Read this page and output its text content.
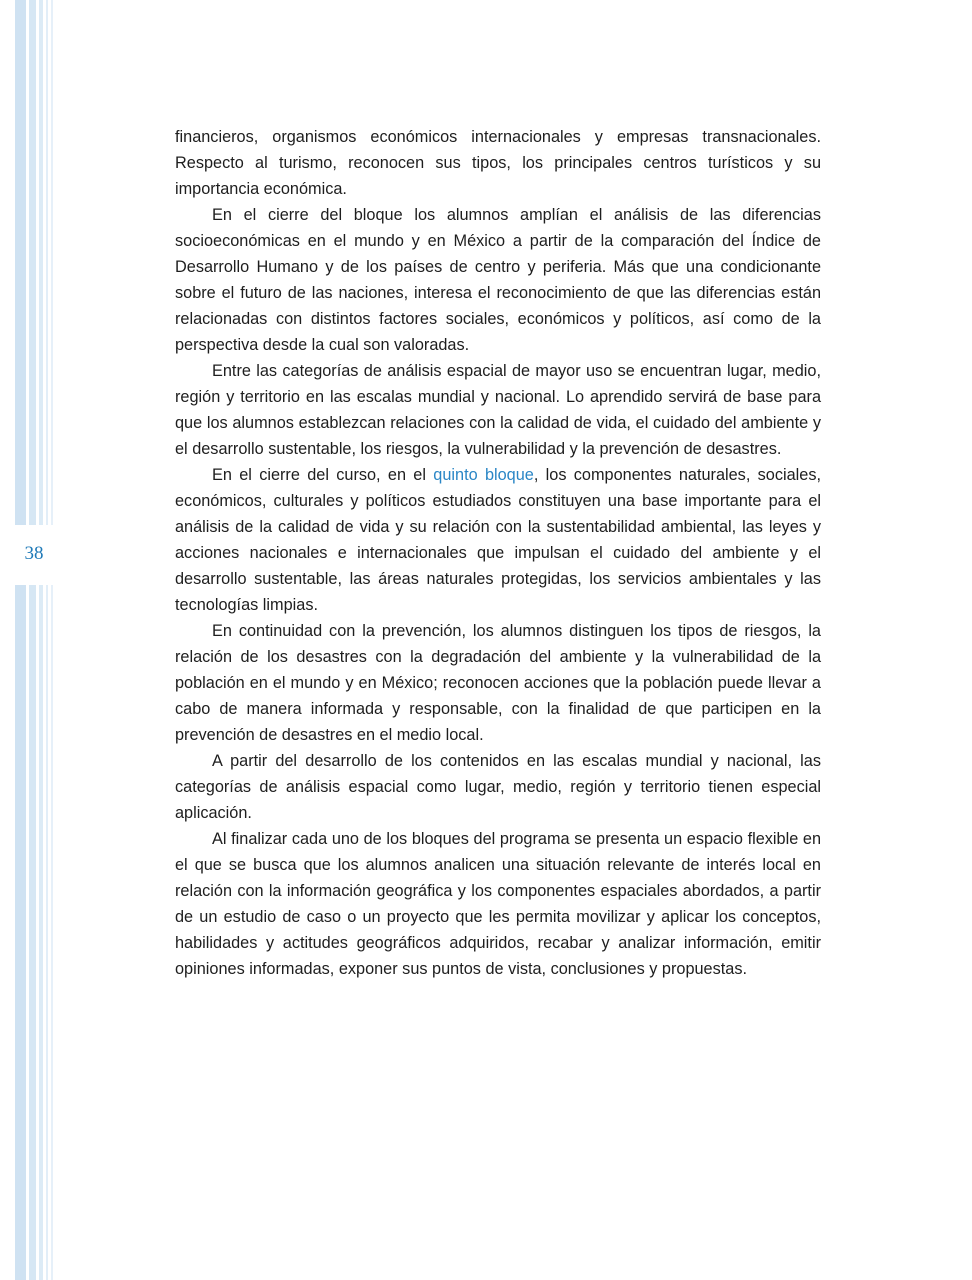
38

financieros, organismos económicos internacionales y empresas transnacionales. Respecto al turismo, reconocen sus tipos, los principales centros turísticos y su importancia económica.

En el cierre del bloque los alumnos amplían el análisis de las diferencias socioeconómicas en el mundo y en México a partir de la comparación del Índice de Desarrollo Humano y de los países de centro y periferia. Más que una condicionante sobre el futuro de las naciones, interesa el reconocimiento de que las diferencias están relacionadas con distintos factores sociales, económicos y políticos, así como de la perspectiva desde la cual son valoradas.

Entre las categorías de análisis espacial de mayor uso se encuentran lugar, medio, región y territorio en las escalas mundial y nacional. Lo aprendido servirá de base para que los alumnos establezcan relaciones con la calidad de vida, el cuidado del ambiente y el desarrollo sustentable, los riesgos, la vulnerabilidad y la prevención de desastres.

En el cierre del curso, en el quinto bloque, los componentes naturales, sociales, económicos, culturales y políticos estudiados constituyen una base importante para el análisis de la calidad de vida y su relación con la sustentabilidad ambiental, las leyes y acciones nacionales e internacionales que impulsan el cuidado del ambiente y el desarrollo sustentable, las áreas naturales protegidas, los servicios ambientales y las tecnologías limpias.

En continuidad con la prevención, los alumnos distinguen los tipos de riesgos, la relación de los desastres con la degradación del ambiente y la vulnerabilidad de la población en el mundo y en México; reconocen acciones que la población puede llevar a cabo de manera informada y responsable, con la finalidad de que participen en la prevención de desastres en el medio local.

A partir del desarrollo de los contenidos en las escalas mundial y nacional, las categorías de análisis espacial como lugar, medio, región y territorio tienen especial aplicación.

Al finalizar cada uno de los bloques del programa se presenta un espacio flexible en el que se busca que los alumnos analicen una situación relevante de interés local en relación con la información geográfica y los componentes espaciales abordados, a partir de un estudio de caso o un proyecto que les permita movilizar y aplicar los conceptos, habilidades y actitudes geográficos adquiridos, recabar y analizar información, emitir opiniones informadas, exponer sus puntos de vista, conclusiones y propuestas.
